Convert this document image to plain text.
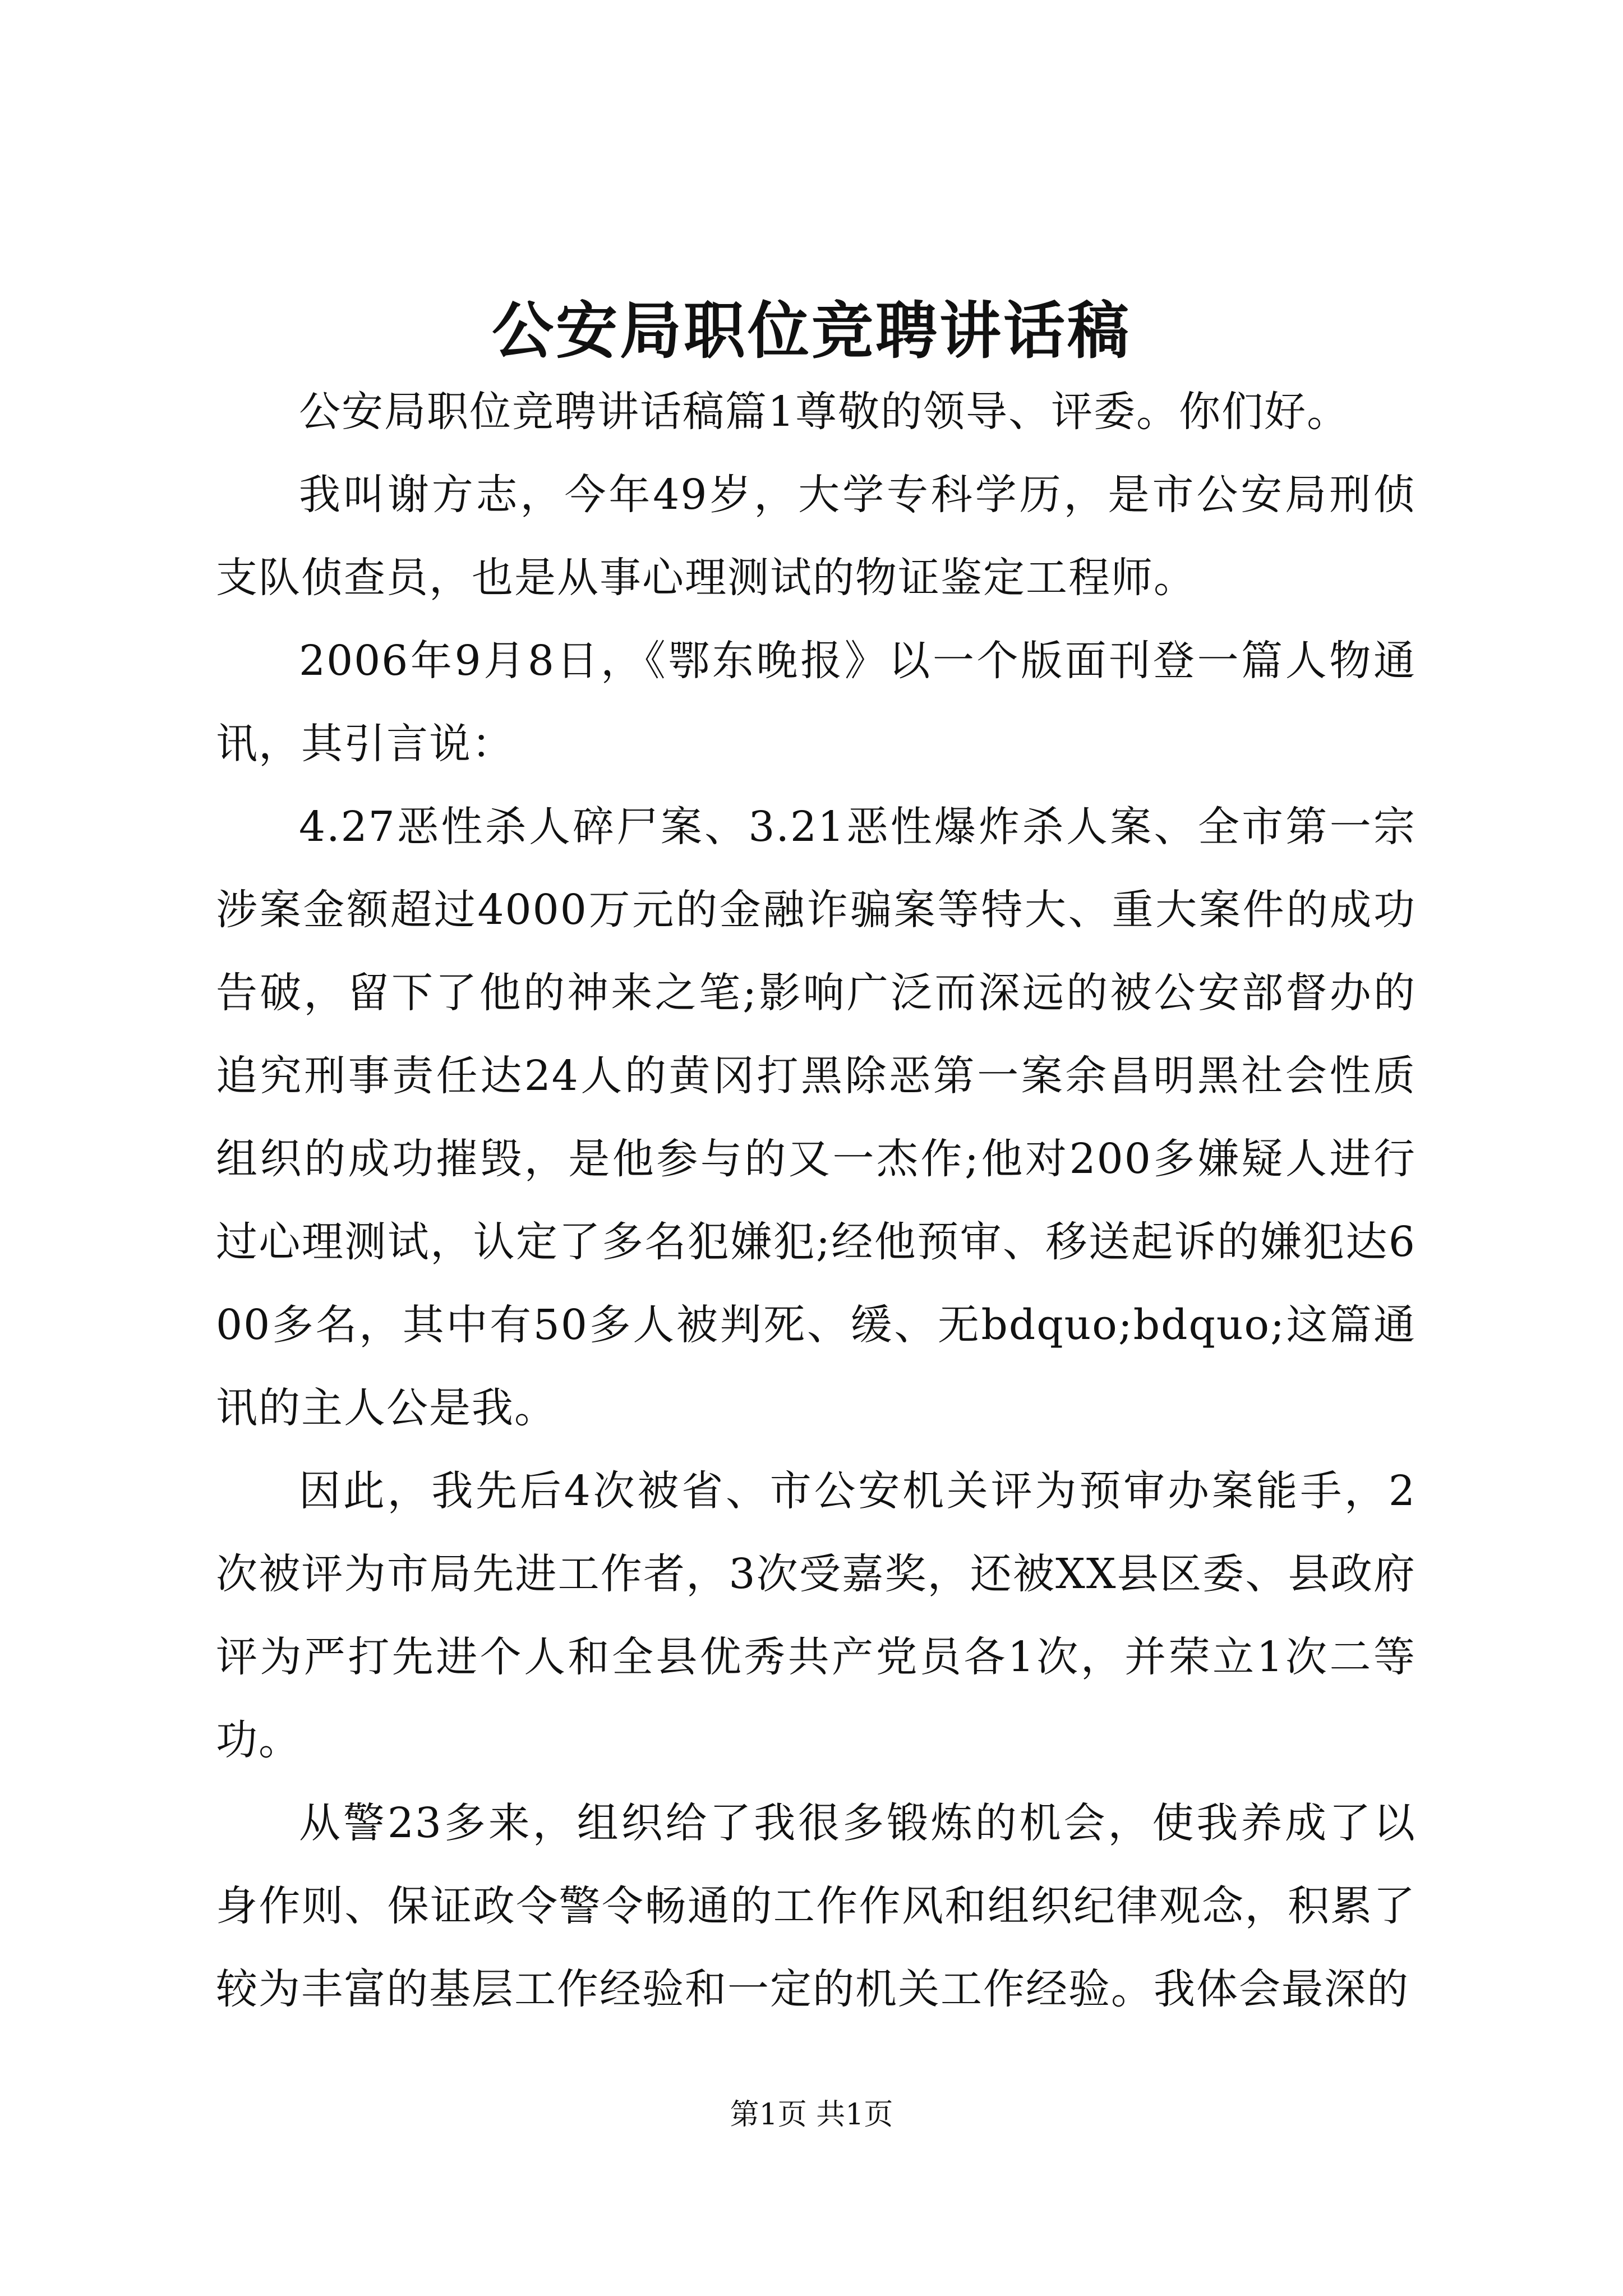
公安局职位竞聘讲话稿

公安局职位竞聘讲话稿篇1尊敬的领导、评委。你们好。

我叫谢方志，今年49岁，大学专科学历，是市公安局刑侦支队侦查员，也是从事心理测试的物证鉴定工程师。

2006年9月8日，《鄂东晚报》以一个版面刊登一篇人物通讯，其引言说：

4.27恶性杀人碎尸案、3.21恶性爆炸杀人案、全市第一宗涉案金额超过4000万元的金融诈骗案等特大、重大案件的成功告破，留下了他的神来之笔;影响广泛而深远的被公安部督办的追究刑事责任达24人的黄冈打黑除恶第一案余昌明黑社会性质组织的成功摧毁，是他参与的又一杰作;他对200多嫌疑人进行过心理测试，认定了多名犯嫌犯;经他预审、移送起诉的嫌犯达600多名，其中有50多人被判死、缓、无bdquo;bdquo;这篇通讯的主人公是我。

因此，我先后4次被省、市公安机关评为预审办案能手，2次被评为市局先进工作者，3次受嘉奖，还被XX县区委、县政府评为严打先进个人和全县优秀共产党员各1次，并荣立1次二等功。

从警23多来，组织给了我很多锻炼的机会，使我养成了以身作则、保证政令警令畅通的工作作风和组织纪律观念，积累了较为丰富的基层工作经验和一定的机关工作经验。我体会最深的

第1页 共1页
